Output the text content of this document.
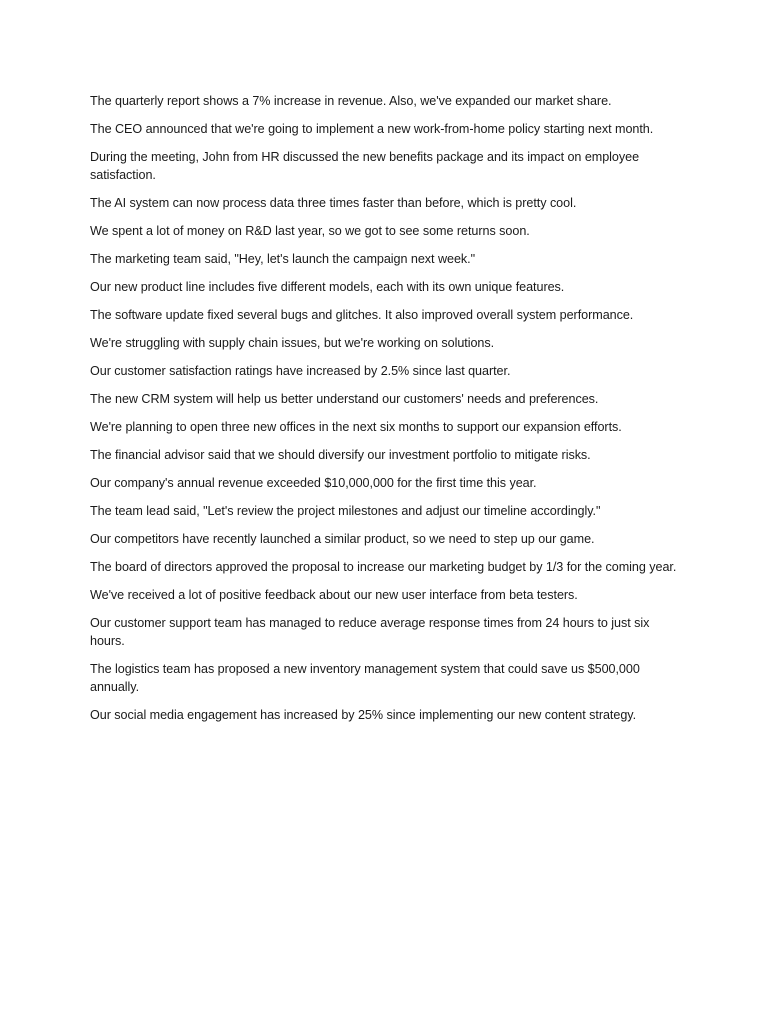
The quarterly report shows a 7% increase in revenue. Also, we've expanded our market share.

The CEO announced that we're going to implement a new work-from-home policy starting next month.

During the meeting, John from HR discussed the new benefits package and its impact on employee satisfaction.

The AI system can now process data three times faster than before, which is pretty cool.

We spent a lot of money on R&D last year, so we got to see some returns soon.

The marketing team said, "Hey, let's launch the campaign next week."

Our new product line includes five different models, each with its own unique features.

The software update fixed several bugs and glitches. It also improved overall system performance.

We're struggling with supply chain issues, but we're working on solutions.

Our customer satisfaction ratings have increased by 2.5% since last quarter.

The new CRM system will help us better understand our customers' needs and preferences.

We're planning to open three new offices in the next six months to support our expansion efforts.

The financial advisor said that we should diversify our investment portfolio to mitigate risks.

Our company's annual revenue exceeded $10,000,000 for the first time this year.

The team lead said, "Let's review the project milestones and adjust our timeline accordingly."

Our competitors have recently launched a similar product, so we need to step up our game.

The board of directors approved the proposal to increase our marketing budget by 1/3 for the coming year.

We've received a lot of positive feedback about our new user interface from beta testers.

Our customer support team has managed to reduce average response times from 24 hours to just six hours.

The logistics team has proposed a new inventory management system that could save us $500,000 annually.

Our social media engagement has increased by 25% since implementing our new content strategy.
